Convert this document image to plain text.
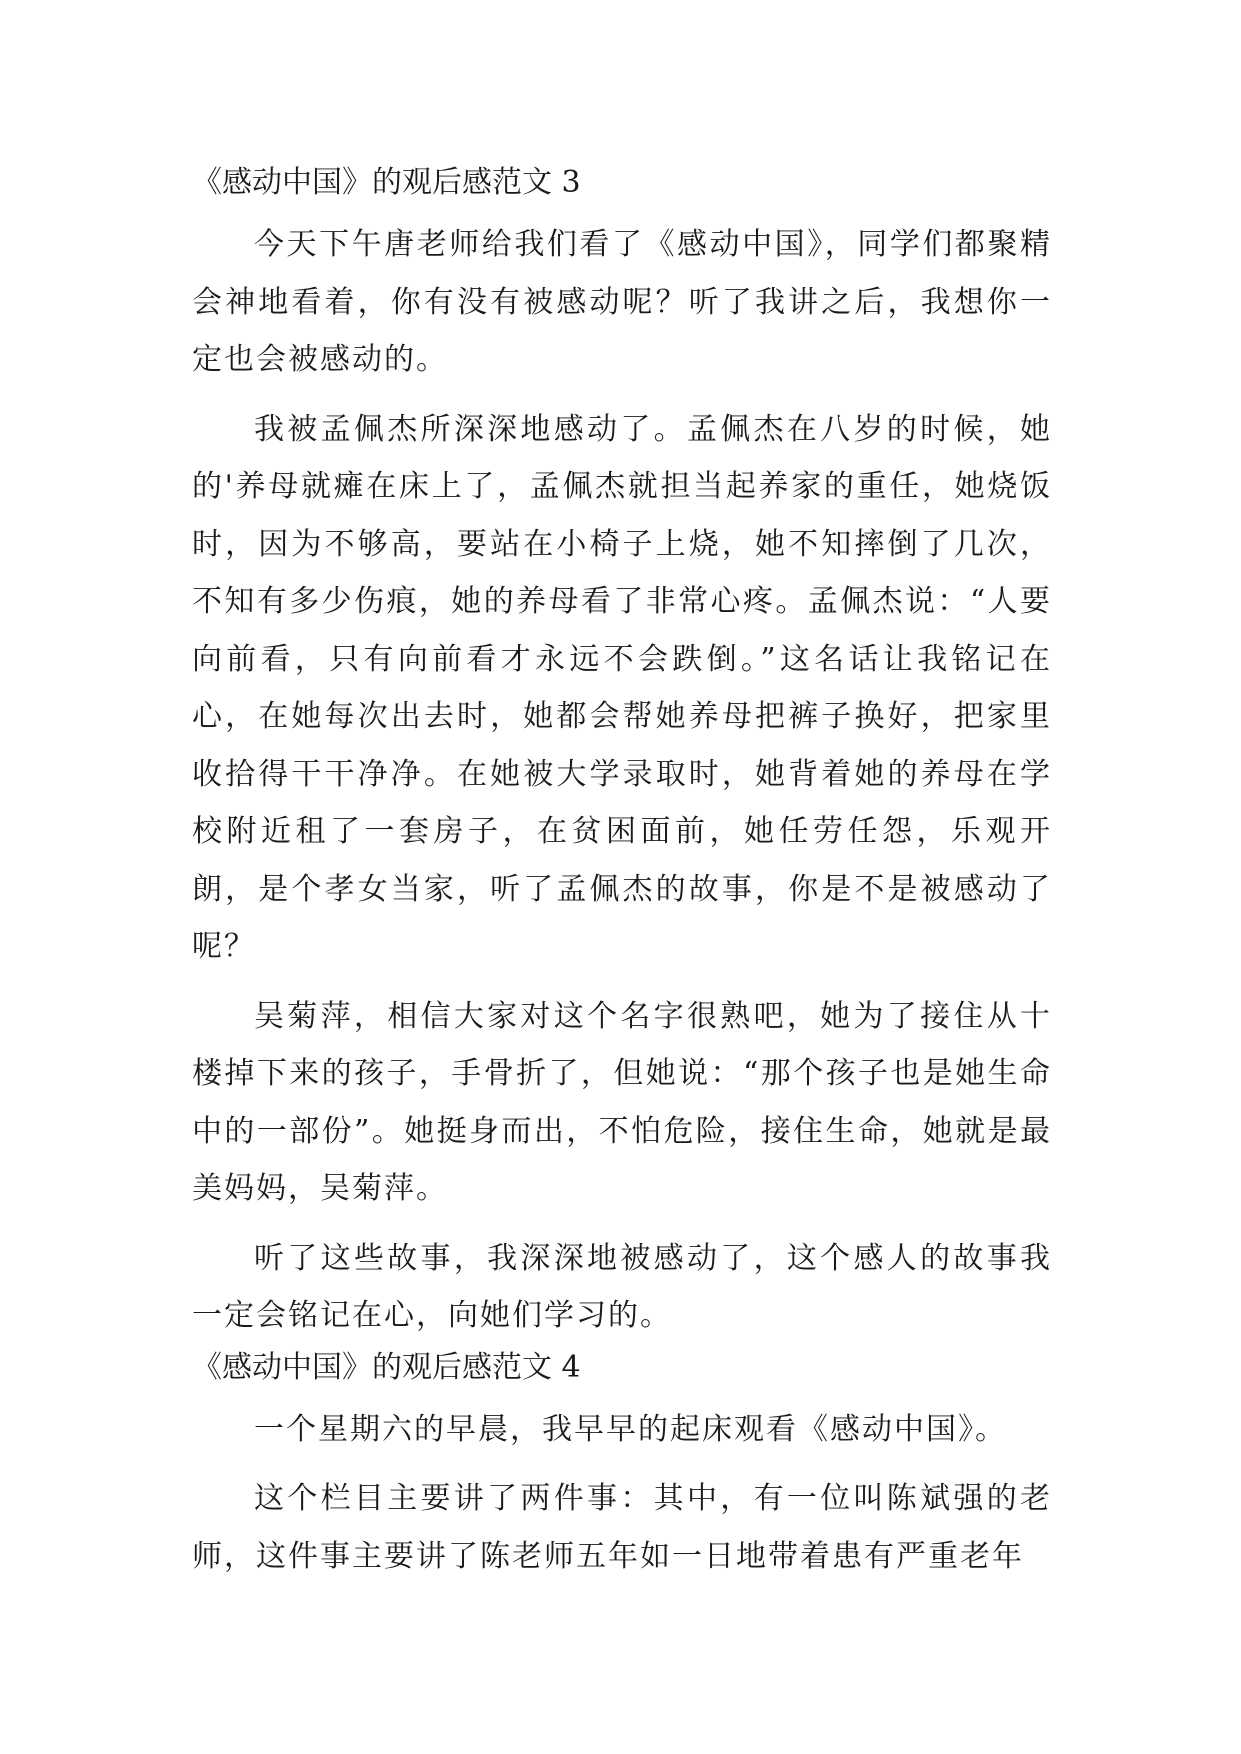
《感动中国》的观后感范文 3

今天下午唐老师给我们看了《感动中国》，同学们都聚精会神地看着，你有没有被感动呢？听了我讲之后，我想你一定也会被感动的。

我被孟佩杰所深深地感动了。孟佩杰在八岁的时候，她的'养母就瘫在床上了，孟佩杰就担当起养家的重任，她烧饭时，因为不够高，要站在小椅子上烧，她不知摔倒了几次，不知有多少伤痕，她的养母看了非常心疼。孟佩杰说：“人要向前看，只有向前看才永远不会跌倒。”这名话让我铭记在心，在她每次出去时，她都会帮她养母把裤子换好，把家里收拾得干干净净。在她被大学录取时，她背着她的养母在学校附近租了一套房子，在贫困面前，她任劳任怨，乐观开朗，是个孝女当家，听了孟佩杰的故事，你是不是被感动了呢？

吴菊萍，相信大家对这个名字很熟吧，她为了接住从十楼掉下来的孩子，手骨折了，但她说：“那个孩子也是她生命中的一部份”。她挺身而出，不怕危险，接住生命，她就是最美妈妈，吴菊萍。

听了这些故事，我深深地被感动了，这个感人的故事我一定会铭记在心，向她们学习的。

《感动中国》的观后感范文 4

一个星期六的早晨，我早早的起床观看《感动中国》。

这个栏目主要讲了两件事：其中，有一位叫陈斌强的老师，这件事主要讲了陈老师五年如一日地带着患有严重老年
